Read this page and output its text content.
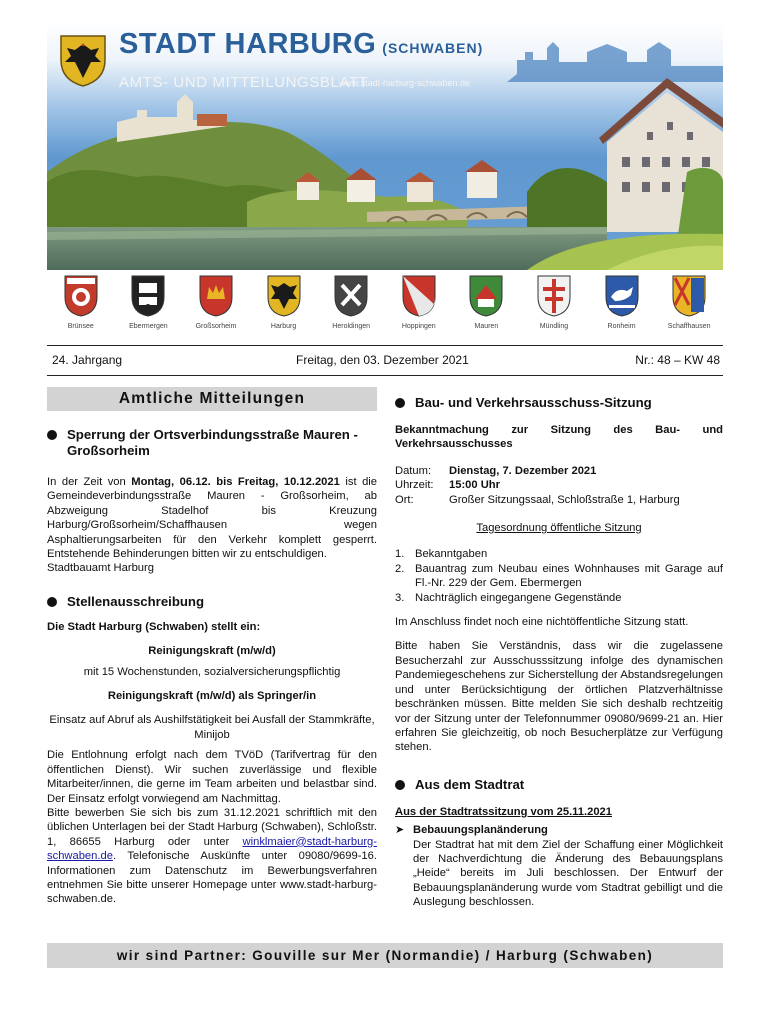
STADT HARBURG (SCHWABEN)
AMTS- UND MITTEILUNGSBLATT
www.stadt-harburg-schwaben.de
Brünsee	Ebermergen	Großsorheim	Harburg
K
Heroldingen	Hoppingen	Mauren	Mündling	Ronheim	Schaffhausen
24. Jahrgang	Freitag, den 03. Dezember 2021	Nr.: 48 – KW 48
Amtliche Mitteilungen
Sperrung der Ortsverbindungsstraße Mauren - Großsorheim

In der Zeit von Montag, 06.12. bis Freitag, 10.12.2021 ist die Gemeindeverbindungsstraße Mauren - Großsorheim, ab Abzweigung Stadelhof bis Kreuzung Harburg/Großsorheim/Schaffhausen wegen Asphaltierungsarbeiten für den Verkehr komplett gesperrt. Entstehende Behinderungen bitten wir zu entschuldigen.

Stadtbauamt Harburg

Stellenausschreibung

Die Stadt Harburg (Schwaben) stellt ein:

Reinigungskraft (m/w/d)

mit 15 Wochenstunden, sozialversicherungspflichtig

Reinigungskraft (m/w/d) als Springer/in

Einsatz auf Abruf als Aushilfstätigkeit bei Ausfall der Stammkräfte, Minijob

Die Entlohnung erfolgt nach dem TVöD (Tarifvertrag für den öffentlichen Dienst). Wir suchen zuverlässige und flexible Mitarbeiter/innen, die gerne im Team arbeiten und belastbar sind. Der Einsatz erfolgt vorwiegend am Nachmittag.

Bitte bewerben Sie sich bis zum 31.12.2021 schriftlich mit den üblichen Unterlagen bei der Stadt Harburg (Schwaben), Schloßstr. 1, 86655 Harburg oder unter winklmaier@stadt-harburg-schwaben.de. Telefonische Auskünfte unter 09080/9699-16. Informationen zum Datenschutz im Bewerbungsverfahren entnehmen Sie bitte unserer Homepage unter www.stadt-harburg-schwaben.de.

Bau- und Verkehrsausschuss-Sitzung

Bekanntmachung zur Sitzung des Bau- und Verkehrsausschusses

Datum:	Dienstag, 7. Dezember 2021
Uhrzeit:	15:00 Uhr
Ort:	Großer Sitzungssaal, Schloßstraße 1, Harburg

Tagesordnung öffentliche Sitzung

1. Bekanntgaben
2. Bauantrag zum Neubau eines Wohnhauses mit Garage auf Fl.-Nr. 229 der Gem. Ebermergen
3. Nachträglich eingegangene Gegenstände

Im Anschluss findet noch eine nichtöffentliche Sitzung statt.

Bitte haben Sie Verständnis, dass wir die zugelassene Besucherzahl zur Ausschusssitzung infolge des dynamischen Pandemiegeschehens zur Sicherstellung der Abstandsregelungen und unter Berücksichtigung der örtlichen Platzverhältnisse beschränken müssen. Bitte melden Sie sich deshalb rechtzeitig vor der Sitzung unter der Telefonnummer 09080/9699-21 an. Hier erfahren Sie gleichzeitig, ob noch Besucherplätze zur Verfügung stehen.

Aus dem Stadtrat

Aus der Stadtratssitzung vom 25.11.2021

➤ Bebauungsplanänderung

Der Stadtrat hat mit dem Ziel der Schaffung einer Möglichkeit der Nachverdichtung die Änderung des Bebauungsplans „Heide“ bereits im Juli beschlossen. Der Entwurf der Bebauungsplanänderung wurde vom Stadtrat gebilligt und die Auslegung beschlossen.

wir sind Partner: Gouville sur Mer (Normandie) / Harburg (Schwaben)
